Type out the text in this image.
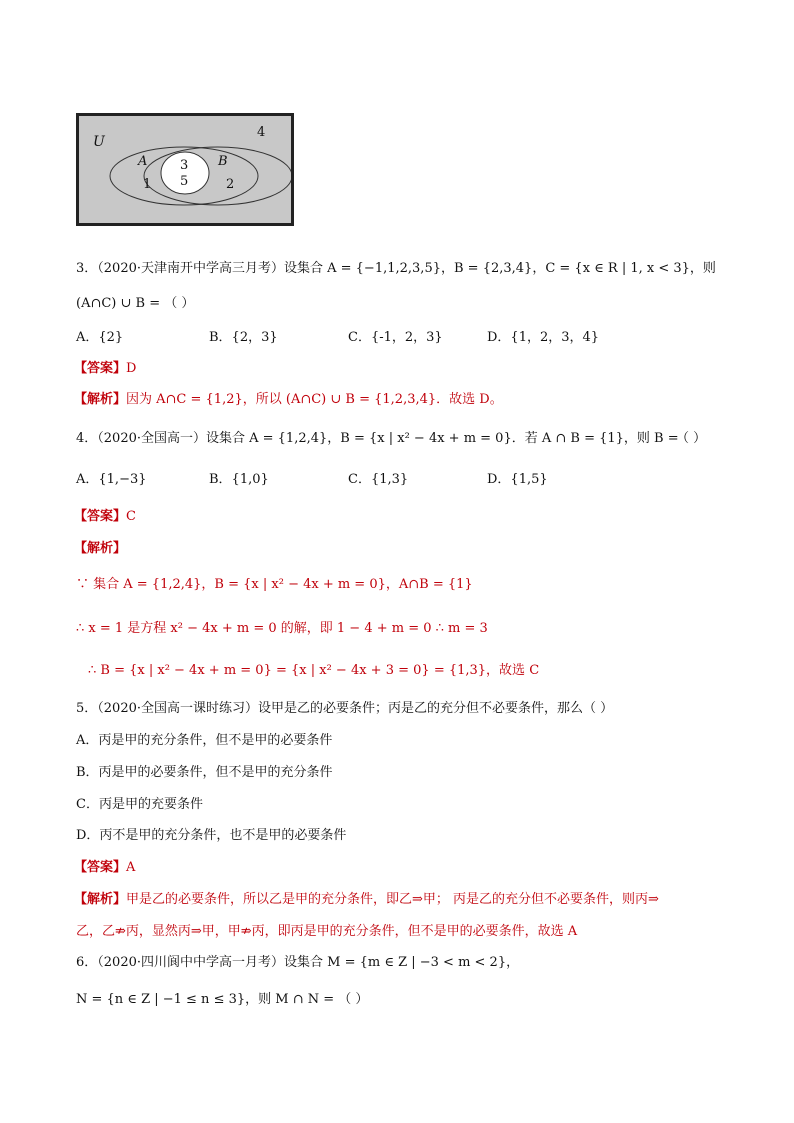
U
4
A	B
1	2
3
5
3．（2020·天津南开中学高三月考）设集合 A = {−1,1,2,3,5}，B = {2,3,4}，C = {x ∈ R | 1, x < 3}，则
(A∩C) ∪ B = （ ）
A．{2}	B．{2，3}	C．{-1，2，3}	D．{1，2，3，4}
【答案】D
【解析】因为 A∩C = {1,2}，所以 (A∩C) ∪ B = {1,2,3,4}．故选 D。
4．（2020·全国高一）设集合 A = {1,2,4}，B = {x | x² − 4x + m = 0}．若 A ∩ B = {1}，则 B =
（ ）
A．{1,−3}	B．{1,0}	C．{1,3}	D．{1,5}
【答案】C
【解析】
∵ 集合 A = {1,2,4}，B = {x | x² − 4x + m = 0}，A∩B = {1}
∴ x = 1 是方程 x² − 4x + m = 0 的解，即 1 − 4 + m = 0 ∴ m = 3
∴ B = {x | x² − 4x + m = 0} = {x | x² − 4x + 3 = 0} = {1,3}，故选 C
5．（2020·全国高一课时练习）设甲是乙的必要条件；丙是乙的充分但不必要条件，那么（ ）
A．丙是甲的充分条件，但不是甲的必要条件
B．丙是甲的必要条件，但不是甲的充分条件
C．丙是甲的充要条件
D．丙不是甲的充分条件，也不是甲的必要条件
【答案】A
【解析】甲是乙的必要条件，所以乙是甲的充分条件，即乙⇒甲； 丙是乙的充分但不必要条件，则丙⇒
乙，乙⇏丙，显然丙⇒甲，甲⇏丙，即丙是甲的充分条件，但不是甲的必要条件，故选 A
6．（2020·四川阆中中学高一月考）设集合 M = {m ∈ Z | −3 < m < 2}，
N = {n ∈ Z | −1 ≤ n ≤ 3}，则 M ∩ N = （ ）
